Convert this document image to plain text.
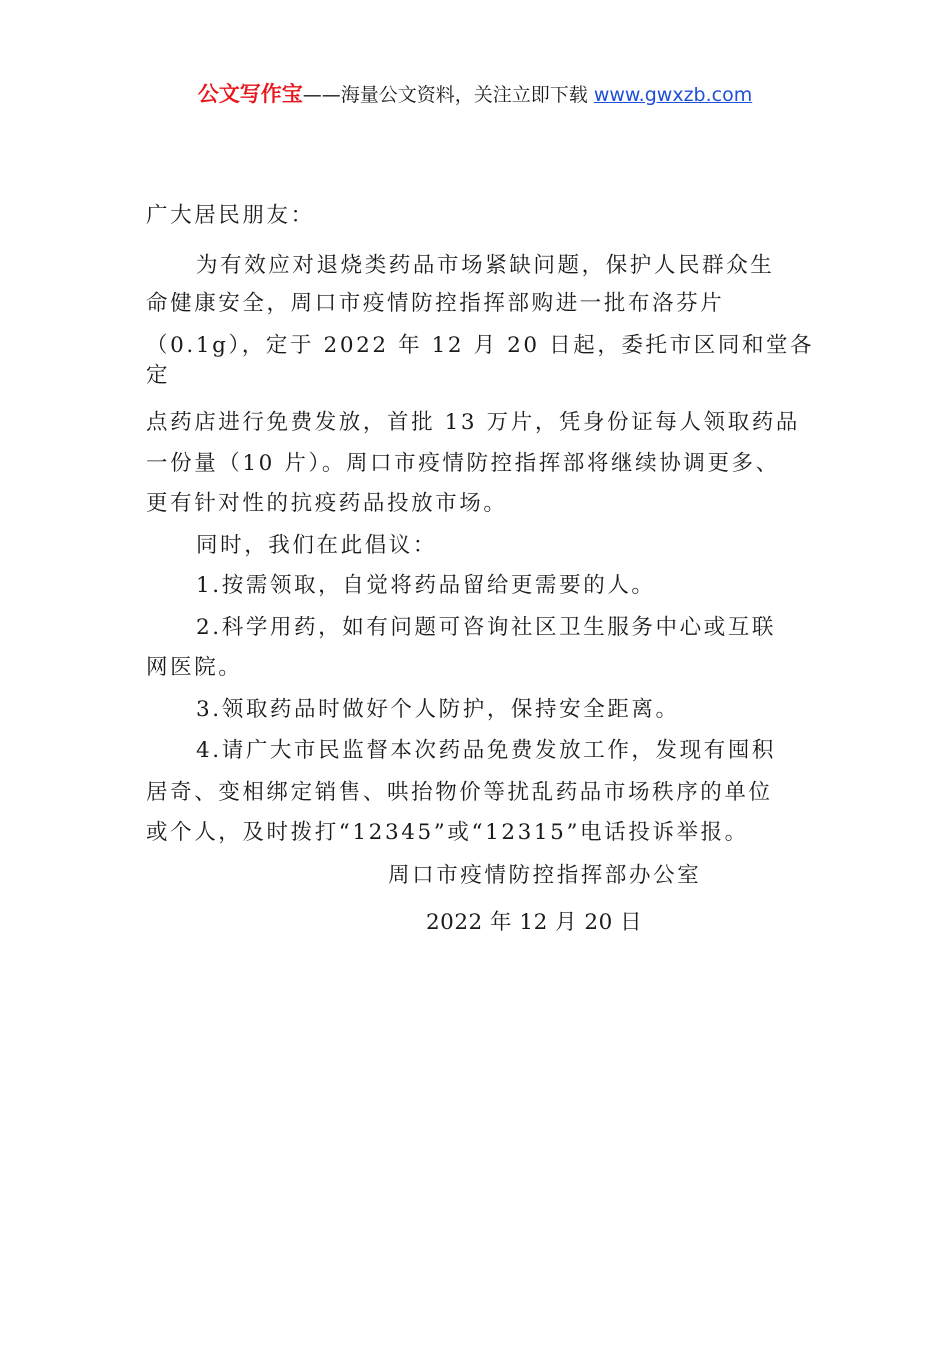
公文写作宝——海量公文资料，关注立即下载 www.gwxzb.com
广大居民朋友：
为有效应对退烧类药品市场紧缺问题，保护人民群众生
命健康安全，周口市疫情防控指挥部购进一批布洛芬片
（0.1g），定于 2022 年 12 月 20 日起，委托市区同和堂各
定
点药店进行免费发放，首批 13 万片，凭身份证每人领取药品
一份量（10 片）。周口市疫情防控指挥部将继续协调更多、
更有针对性的抗疫药品投放市场。
同时，我们在此倡议：
1.按需领取，自觉将药品留给更需要的人。
2.科学用药，如有问题可咨询社区卫生服务中心或互联
网医院。
3.领取药品时做好个人防护，保持安全距离。
4.请广大市民监督本次药品免费发放工作，发现有囤积
居奇、变相绑定销售、哄抬物价等扰乱药品市场秩序的单位
或个人，及时拨打“12345”或“12315”电话投诉举报。
周口市疫情防控指挥部办公室
2022 年 12 月 20 日
